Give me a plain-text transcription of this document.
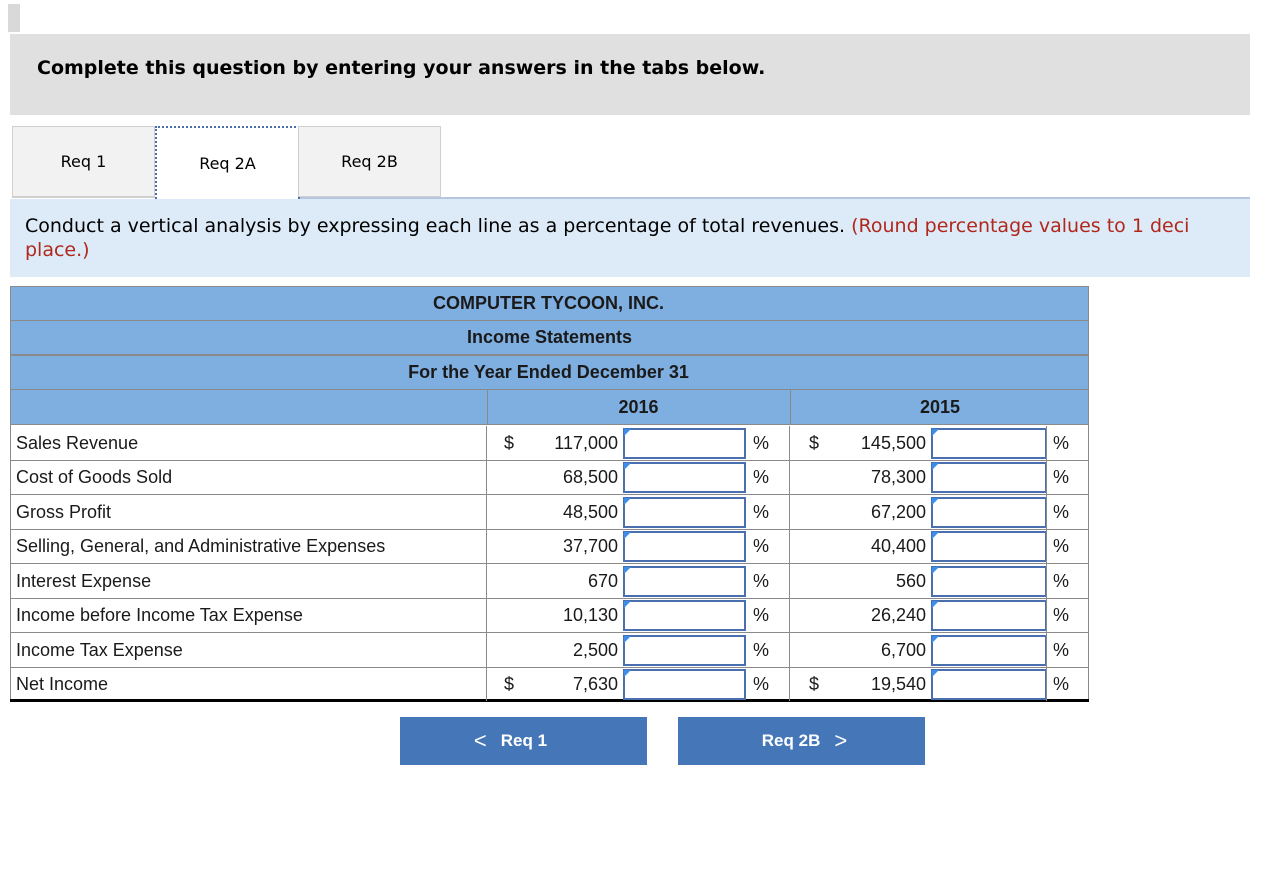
Complete this question by entering your answers in the tabs below.
Req 1	Req 2A	Req 2B
Conduct a vertical analysis by expressing each line as a percentage of total revenues. (Round percentage values to 1 deci
place.)
COMPUTER TYCOON, INC.
Income Statements
For the Year Ended December 31
2016	2015
Sales Revenue	$	117,000	% $	145,500	%
Cost of Goods Sold	68,500	%	78,300	%
Gross Profit	48,500	%	67,200	%
Selling, General, and Administrative Expenses	37,700	%	40,400	%
Interest Expense	670	%	560	%
Income before Income Tax Expense	10,130	%	26,240	%
Income Tax Expense	2,500	%	6,700	%
Net Income	$	7,630	% $	19,540	%
< Req 1	Req 2B >
